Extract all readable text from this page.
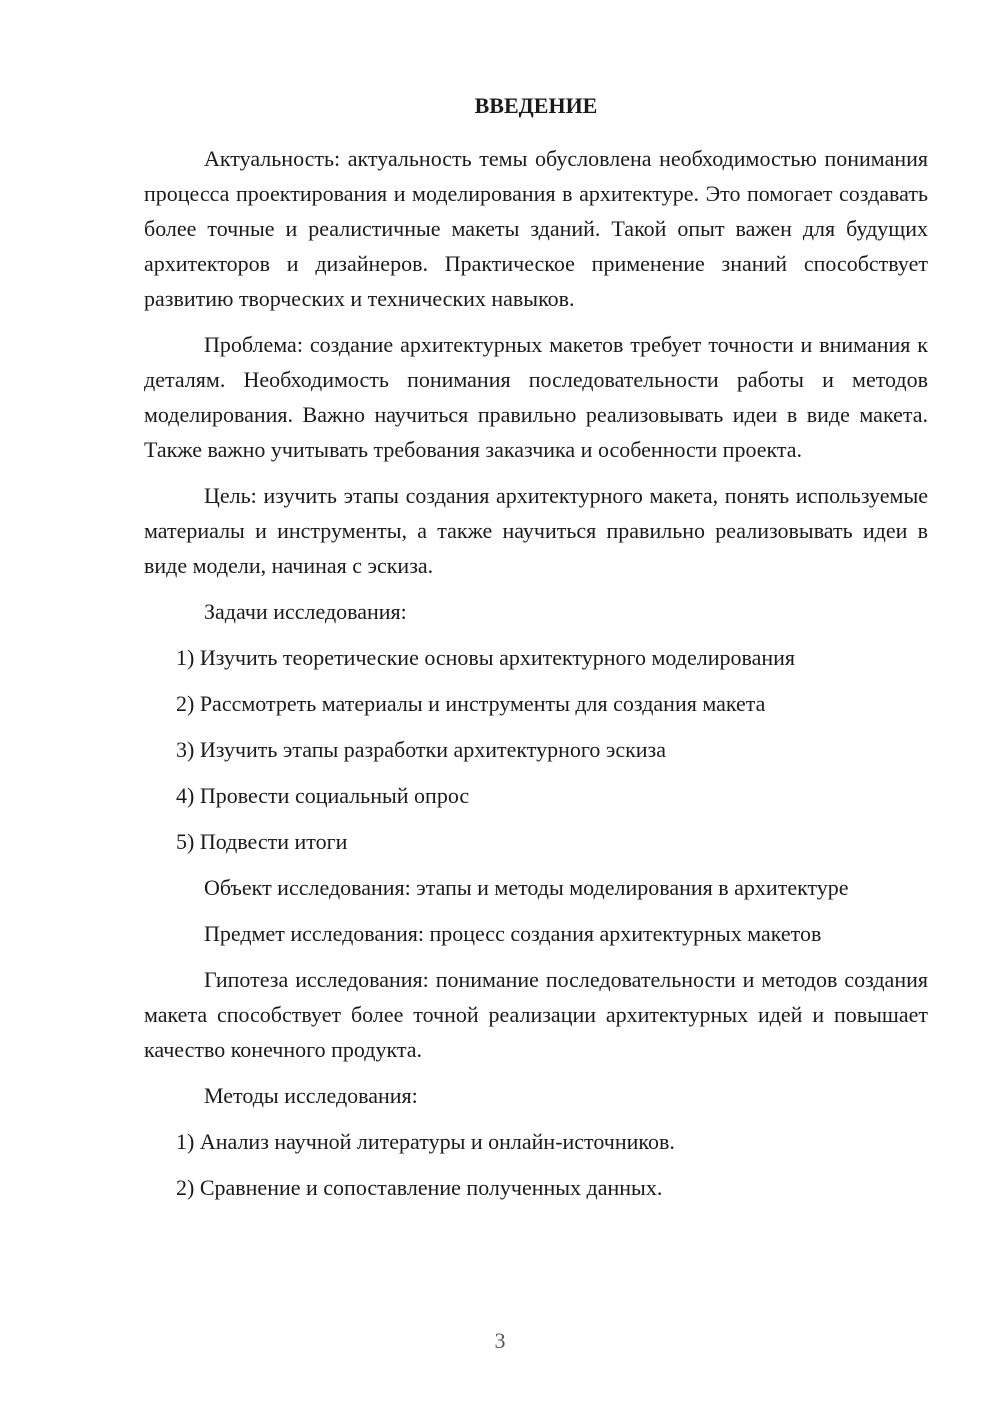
ВВЕДЕНИЕ

Актуальность: актуальность темы обусловлена необходимостью понимания процесса проектирования и моделирования в архитектуре. Это помогает создавать более точные и реалистичные макеты зданий. Такой опыт важен для будущих архитекторов и дизайнеров. Практическое применение знаний способствует развитию творческих и технических навыков.

Проблема: создание архитектурных макетов требует точности и внимания к деталям. Необходимость понимания последовательности работы и методов моделирования. Важно научиться правильно реализовывать идеи в виде макета. Также важно учитывать требования заказчика и особенности проекта.

Цель: изучить этапы создания архитектурного макета, понять используемые материалы и инструменты, а также научиться правильно реализовывать идеи в виде модели, начиная с эскиза.

Задачи исследования:

1) Изучить теоретические основы архитектурного моделирования

2) Рассмотреть материалы и инструменты для создания макета

3) Изучить этапы разработки архитектурного эскиза

4) Провести социальный опрос

5) Подвести итоги

Объект исследования: этапы и методы моделирования в архитектуре

Предмет исследования: процесс создания архитектурных макетов

Гипотеза исследования: понимание последовательности и методов создания макета способствует более точной реализации архитектурных идей и повышает качество конечного продукта.

Методы исследования:

1) Анализ научной литературы и онлайн-источников.

2) Сравнение и сопоставление полученных данных.

3
